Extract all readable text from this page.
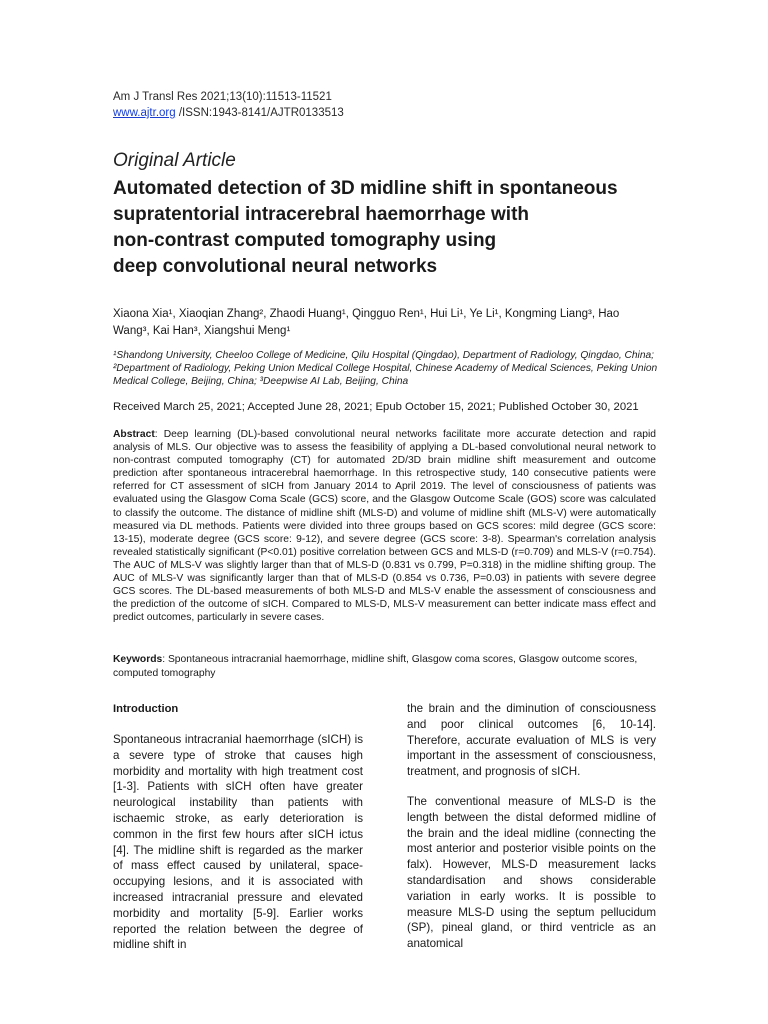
Am J Transl Res 2021;13(10):11513-11521
www.ajtr.org /ISSN:1943-8141/AJTR0133513
Original Article
Automated detection of 3D midline shift in spontaneous
supratentorial intracerebral haemorrhage with
non-contrast computed tomography using
deep convolutional neural networks
Xiaona Xia¹, Xiaoqian Zhang², Zhaodi Huang¹, Qingguo Ren¹, Hui Li¹, Ye Li¹, Kongming Liang³, Hao Wang³, Kai Han³, Xiangshui Meng¹
¹Shandong University, Cheeloo College of Medicine, Qilu Hospital (Qingdao), Department of Radiology, Qingdao, China; ²Department of Radiology, Peking Union Medical College Hospital, Chinese Academy of Medical Sciences, Peking Union Medical College, Beijing, China; ³Deepwise AI Lab, Beijing, China
Received March 25, 2021; Accepted June 28, 2021; Epub October 15, 2021; Published October 30, 2021
Abstract: Deep learning (DL)-based convolutional neural networks facilitate more accurate detection and rapid analysis of MLS. Our objective was to assess the feasibility of applying a DL-based convolutional neural network to non-contrast computed tomography (CT) for automated 2D/3D brain midline shift measurement and outcome prediction after spontaneous intracerebral haemorrhage. In this retrospective study, 140 consecutive patients were referred for CT assessment of sICH from January 2014 to April 2019. The level of consciousness of patients was evaluated using the Glasgow Coma Scale (GCS) score, and the Glasgow Outcome Scale (GOS) score was calculated to classify the outcome. The distance of midline shift (MLS-D) and volume of midline shift (MLS-V) were automatically measured via DL methods. Patients were divided into three groups based on GCS scores: mild degree (GCS score: 13-15), moderate degree (GCS score: 9-12), and severe degree (GCS score: 3-8). Spearman's correlation analysis revealed statistically significant (P<0.01) positive correlation between GCS and MLS-D (r=0.709) and MLS-V (r=0.754). The AUC of MLS-V was slightly larger than that of MLS-D (0.831 vs 0.799, P=0.318) in the midline shifting group. The AUC of MLS-V was significantly larger than that of MLS-D (0.854 vs 0.736, P=0.03) in patients with severe degree GCS scores. The DL-based measurements of both MLS-D and MLS-V enable the assessment of consciousness and the prediction of the outcome of sICH. Compared to MLS-D, MLS-V measurement can better indicate mass effect and predict outcomes, particularly in severe cases.
Keywords: Spontaneous intracranial haemorrhage, midline shift, Glasgow coma scores, Glasgow outcome scores, computed tomography
Introduction

Spontaneous intracranial haemorrhage (sICH) is a severe type of stroke that causes high morbidity and mortality with high treatment cost [1-3]. Patients with sICH often have greater neurological instability than patients with ischaemic stroke, as early deterioration is common in the first few hours after sICH ictus [4]. The midline shift is regarded as the marker of mass effect caused by unilateral, space-occupying lesions, and it is associated with increased intracranial pressure and elevated morbidity and mortality [5-9]. Earlier works reported the relation between the degree of midline shift in

the brain and the diminution of consciousness and poor clinical outcomes [6, 10-14]. Therefore, accurate evaluation of MLS is very important in the assessment of consciousness, treatment, and prognosis of sICH.

The conventional measure of MLS-D is the length between the distal deformed midline of the brain and the ideal midline (connecting the most anterior and posterior visible points on the falx). However, MLS-D measurement lacks standardisation and shows considerable variation in early works. It is possible to measure MLS-D using the septum pellucidum (SP), pineal gland, or third ventricle as an anatomical
